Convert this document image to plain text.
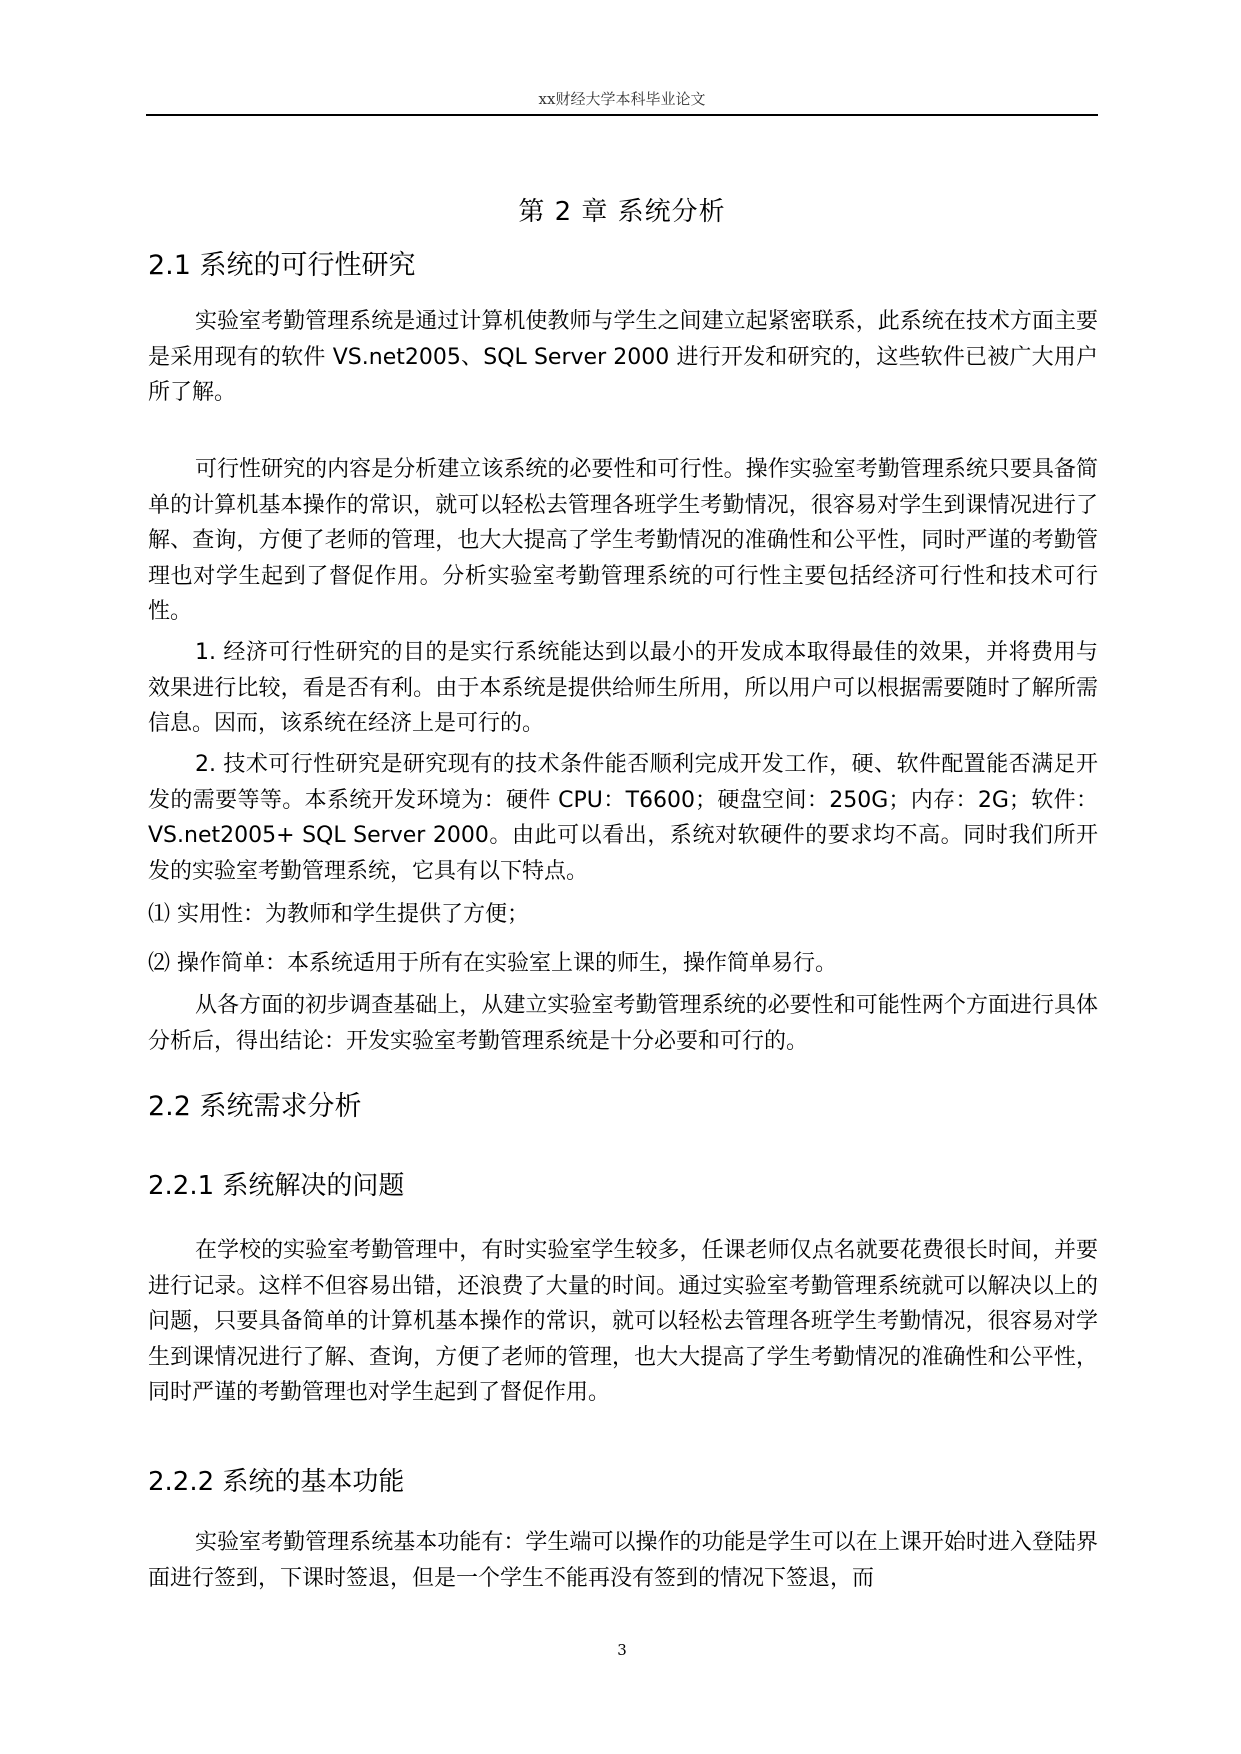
xx财经大学本科毕业论文
第 2 章 系统分析
2.1 系统的可行性研究

实验室考勤管理系统是通过计算机使教师与学生之间建立起紧密联系，此系统在技术方面主要是采用现有的软件 VS.net2005、SQL Server 2000 进行开发和研究的，这些软件已被广大用户所了解。

可行性研究的内容是分析建立该系统的必要性和可行性。操作实验室考勤管理系统只要具备简单的计算机基本操作的常识，就可以轻松去管理各班学生考勤情况，很容易对学生到课情况进行了解、查询，方便了老师的管理，也大大提高了学生考勤情况的准确性和公平性，同时严谨的考勤管理也对学生起到了督促作用。分析实验室考勤管理系统的可行性主要包括经济可行性和技术可行性。

1. 经济可行性研究的目的是实行系统能达到以最小的开发成本取得最佳的效果，并将费用与效果进行比较，看是否有利。由于本系统是提供给师生所用，所以用户可以根据需要随时了解所需信息。因而，该系统在经济上是可行的。

2. 技术可行性研究是研究现有的技术条件能否顺利完成开发工作，硬、软件配置能否满足开发的需要等等。本系统开发环境为：硬件 CPU：T6600；硬盘空间：250G；内存：2G；软件：VS.net2005+ SQL Server 2000。由此可以看出，系统对软硬件的要求均不高。同时我们所开发的实验室考勤管理系统，它具有以下特点。

⑴ 实用性：为教师和学生提供了方便；
⑵ 操作简单：本系统适用于所有在实验室上课的师生，操作简单易行。

从各方面的初步调查基础上，从建立实验室考勤管理系统的必要性和可能性两个方面进行具体分析后，得出结论：开发实验室考勤管理系统是十分必要和可行的。

2.2 系统需求分析
2.2.1 系统解决的问题

在学校的实验室考勤管理中，有时实验室学生较多，任课老师仅点名就要花费很长时间，并要进行记录。这样不但容易出错，还浪费了大量的时间。通过实验室考勤管理系统就可以解决以上的问题，只要具备简单的计算机基本操作的常识，就可以轻松去管理各班学生考勤情况，很容易对学生到课情况进行了解、查询，方便了老师的管理，也大大提高了学生考勤情况的准确性和公平性，同时严谨的考勤管理也对学生起到了督促作用。

2.2.2 系统的基本功能

实验室考勤管理系统基本功能有：学生端可以操作的功能是学生可以在上课开始时进入登陆界面进行签到，下课时签退，但是一个学生不能再没有签到的情况下签退，而

3
